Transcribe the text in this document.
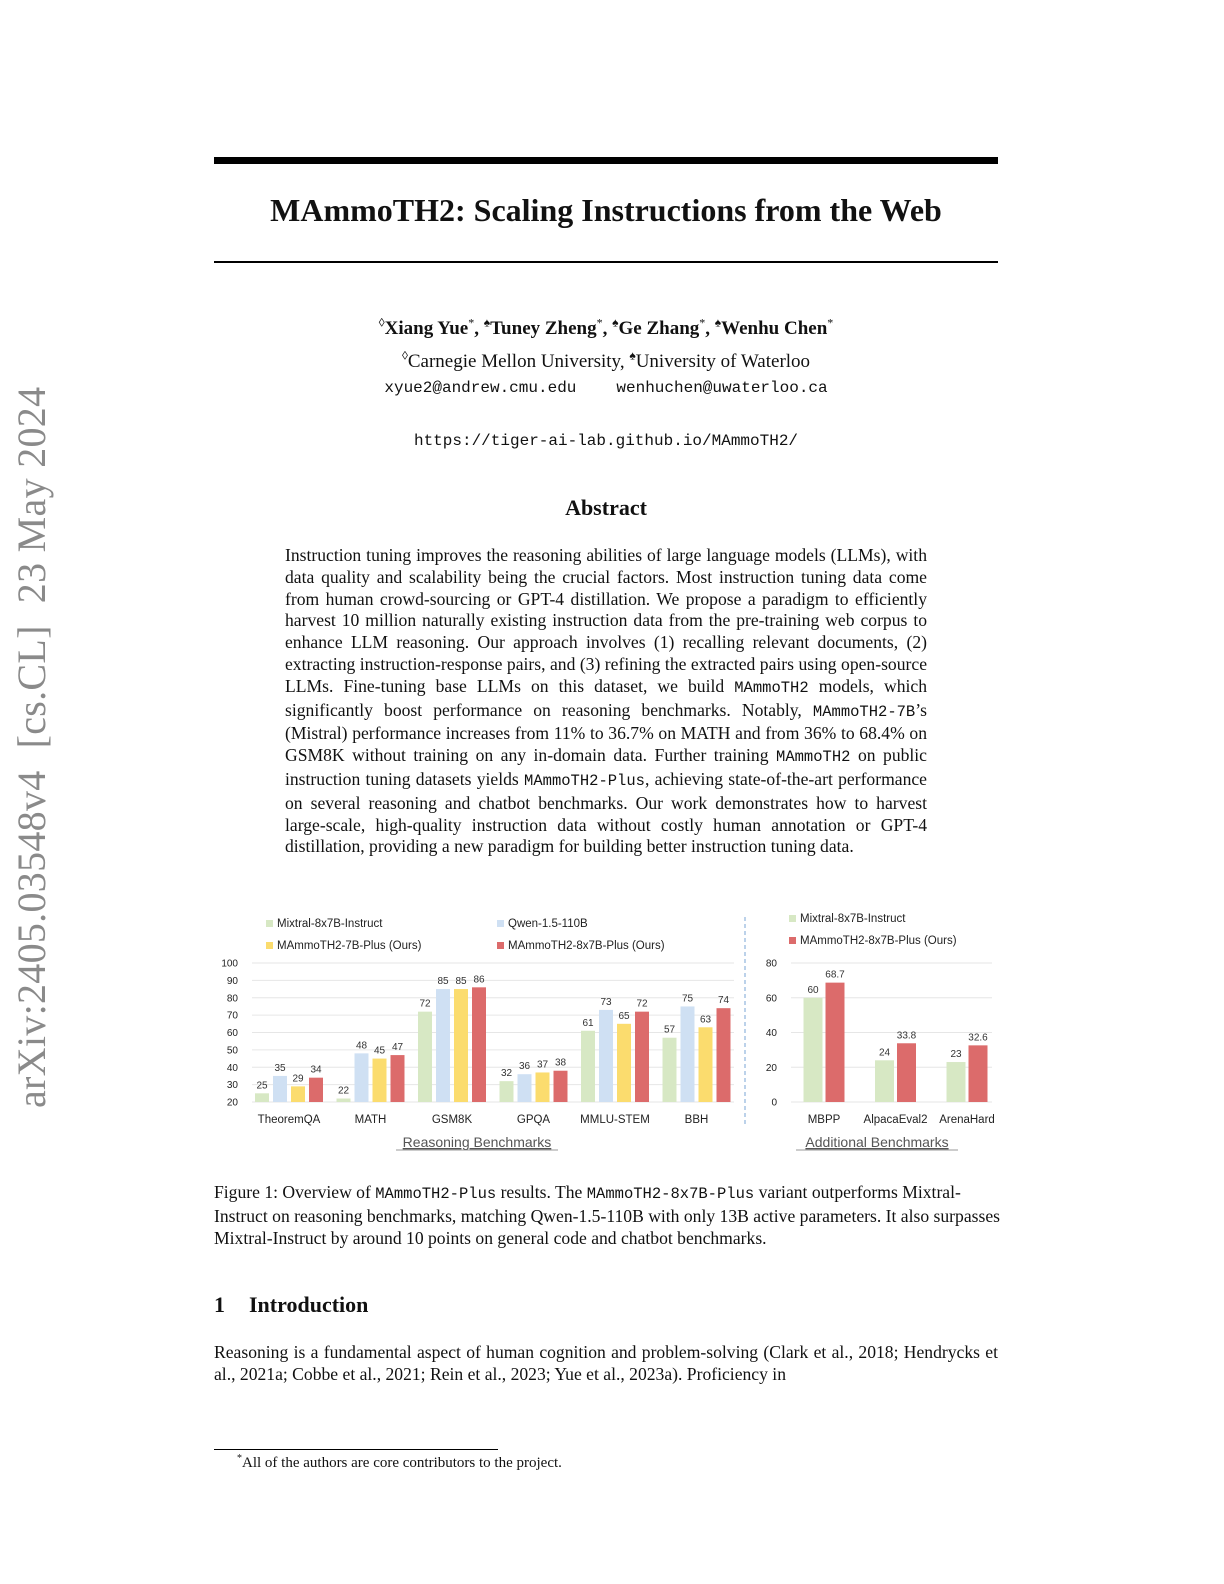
arXiv:2405.03548v4[cs.CL]23 May 2024
MAmmoTH2: Scaling Instructions from the Web
◊Xiang Yue*, ♠Tuney Zheng*, ♠Ge Zhang*, ♠Wenhu Chen*
◊Carnegie Mellon University, ♠University of Waterloo
xyue2@andrew.cmu.edu	wenhuchen@uwaterloo.ca
https://tiger-ai-lab.github.io/MAmmoTH2/
Abstract
Instruction tuning improves the reasoning abilities of large language models (LLMs), with data quality and scalability being the crucial factors. Most instruction tuning data come from human crowd-sourcing or GPT-4 distillation. We propose a paradigm to efficiently harvest 10 million naturally existing instruction data from the pre-training web corpus to enhance LLM reasoning. Our approach involves (1) recalling relevant documents, (2) extracting instruction-response pairs, and (3) refining the extracted pairs using open-source LLMs. Fine-tuning base LLMs on this dataset, we build MAmmoTH2 models, which significantly boost performance on reasoning benchmarks. Notably, MAmmoTH2-7B’s (Mistral) performance increases from 11% to 36.7% on MATH and from 36% to 68.4% on GSM8K without training on any in-domain data. Further training MAmmoTH2 on public instruction tuning datasets yields MAmmoTH2-Plus, achieving state-of-the-art performance on several reasoning and chatbot benchmarks. Our work demonstrates how to harvest large-scale, high-quality instruction data without costly human annotation or GPT-4 distillation, providing a new paradigm for building better instruction tuning data.
20
30
40
50
60
70
80
90
100
Mixtral-8x7B-Instruct	Qwen-1.5-110B
MAmmoTH2-7B-Plus (Ours)	MAmmoTH2-8x7B-Plus (Ours)
25
35
29
34
TheoremQA
22
48 45 47
MATH
72
85 85 86
GSM8K
32
36 37 38
GPQA
61
73
65
72
MMLU-STEM
57
75
63
74
BBH
Reasoning Benchmarks
0
20
40
60
80
Mixtral-8x7B-Instruct
MAmmoTH2-8x7B-Plus (Ours)
60
68.7
MBPP
24
33.8
AlpacaEval2
23
32.6
ArenaHard
Additional Benchmarks
Figure 1: Overview of MAmmoTH2-Plus results. The MAmmoTH2-8x7B-Plus variant outperforms Mixtral-Instruct on reasoning benchmarks, matching Qwen-1.5-110B with only 13B active parameters. It also surpasses Mixtral-Instruct by around 10 points on general code and chatbot benchmarks.
1 Introduction
Reasoning is a fundamental aspect of human cognition and problem-solving (Clark et al., 2018; Hendrycks et al., 2021a; Cobbe et al., 2021; Rein et al., 2023; Yue et al., 2023a). Proficiency in
*All of the authors are core contributors to the project.
